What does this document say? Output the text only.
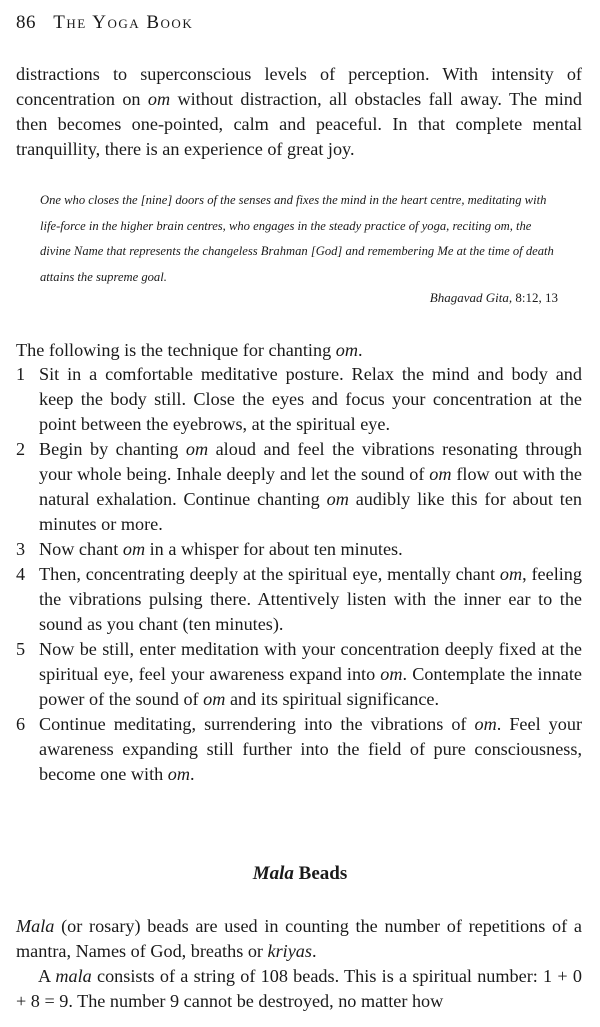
86 The Yoga Book

distractions to superconscious levels of perception. With intensity of concentration on om without distraction, all obstacles fall away. The mind then becomes one-pointed, calm and peaceful. In that complete mental tranquillity, there is an experience of great joy.

One who closes the [nine] doors of the senses and fixes the mind in the heart centre, meditating with life-force in the higher brain centres, who engages in the steady practice of yoga, reciting om, the divine Name that represents the changeless Brahman [God] and remembering Me at the time of death attains the supreme goal.

Bhagavad Gita, 8:12, 13

The following is the technique for chanting om.

1 Sit in a comfortable meditative posture. Relax the mind and body and keep the body still. Close the eyes and focus your concentration at the point between the eyebrows, at the spiritual eye.

2 Begin by chanting om aloud and feel the vibrations resonating through your whole being. Inhale deeply and let the sound of om flow out with the natural exhalation. Continue chanting om audibly like this for about ten minutes or more.

3 Now chant om in a whisper for about ten minutes.

4 Then, concentrating deeply at the spiritual eye, mentally chant om, feeling the vibrations pulsing there. Attentively listen with the inner ear to the sound as you chant (ten minutes).

5 Now be still, enter meditation with your concentration deeply fixed at the spiritual eye, feel your awareness expand into om. Contemplate the innate power of the sound of om and its spiritual significance.

6 Continue meditating, surrendering into the vibrations of om. Feel your awareness expanding still further into the field of pure consciousness, become one with om.

Mala Beads

Mala (or rosary) beads are used in counting the number of repetitions of a mantra, Names of God, breaths or kriyas.

A mala consists of a string of 108 beads. This is a spiritual number: 1 + 0 + 8 = 9. The number 9 cannot be destroyed, no matter how
